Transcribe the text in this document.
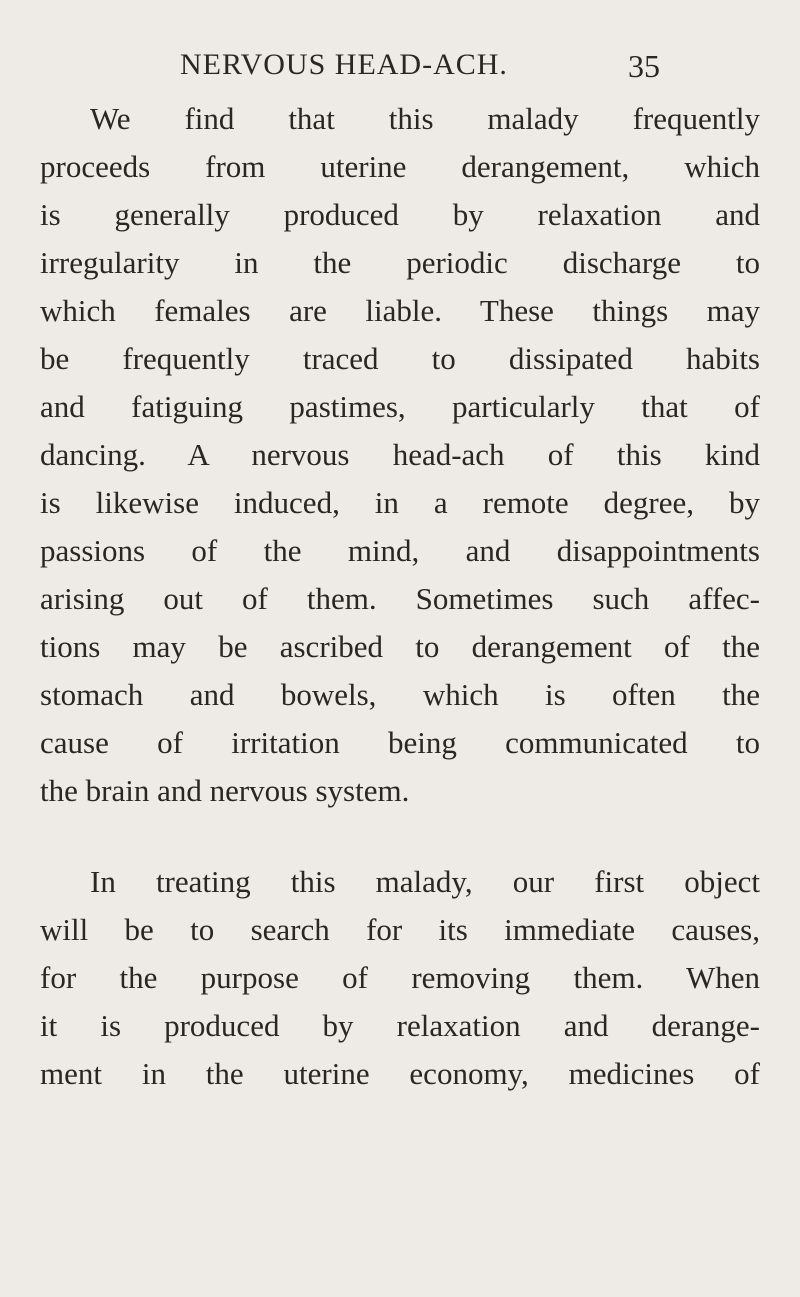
NERVOUS HEAD-ACH.	35
We find that this malady frequently
proceeds from uterine derangement, which
is generally produced by relaxation and
irregularity in the periodic discharge to
which females are liable. These things may
be frequently traced to dissipated habits
and fatiguing pastimes, particularly that of
dancing. A nervous head-ach of this kind
is likewise induced, in a remote degree, by
passions of the mind, and disappointments
arising out of them. Sometimes such affec-
tions may be ascribed to derangement of the
stomach and bowels, which is often the
cause of irritation being communicated to
the brain and nervous system.
In treating this malady, our first object
will be to search for its immediate causes,
for the purpose of removing them. When
it is produced by relaxation and derange-
ment in the uterine economy, medicines of
